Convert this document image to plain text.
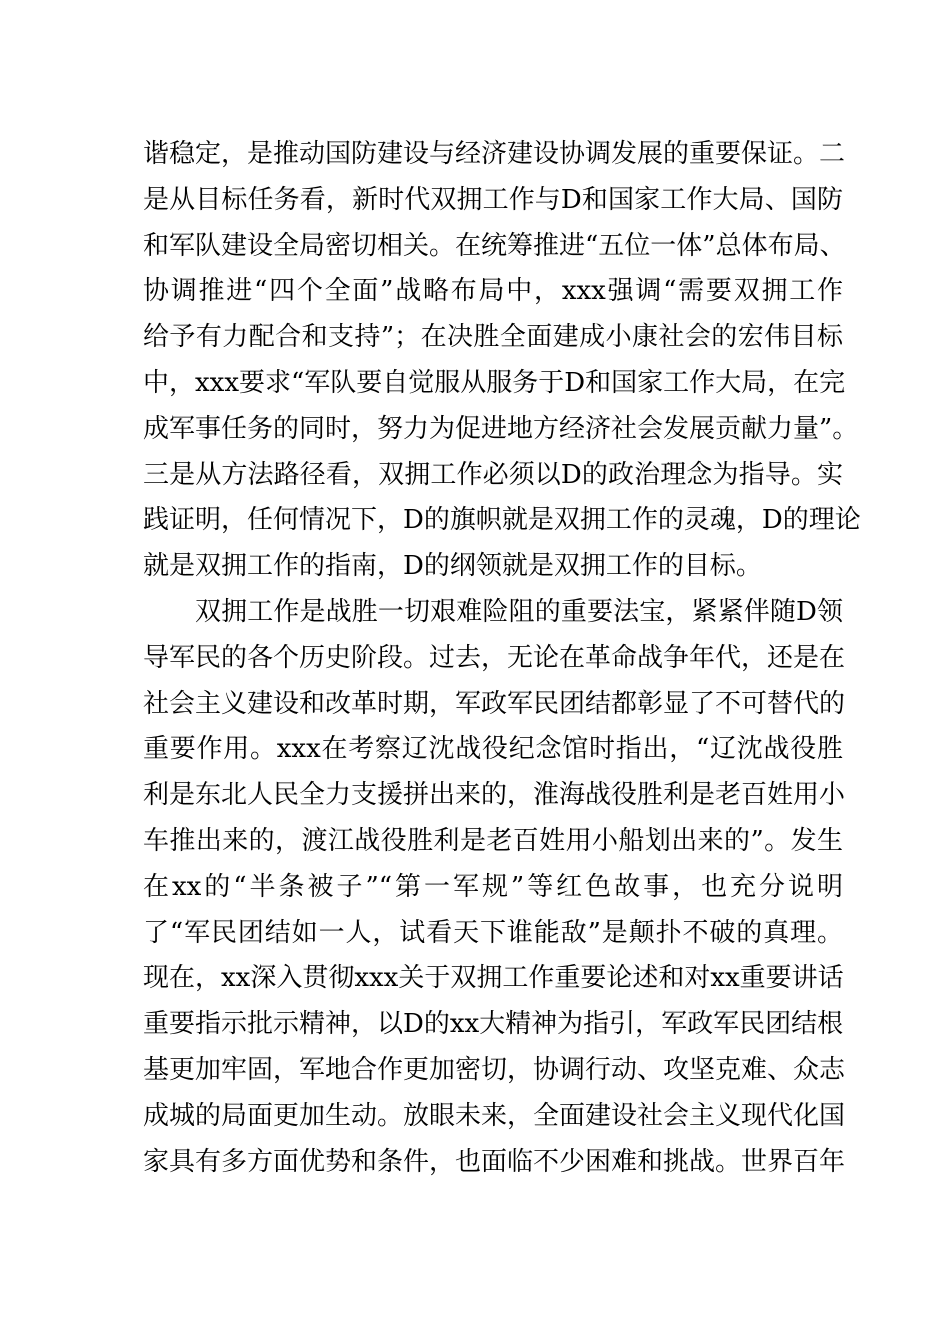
谐稳定，是推动国防建设与经济建设协调发展的重要保证。二
是从目标任务看，新时代双拥工作与D和国家工作大局、国防
和军队建设全局密切相关。在统筹推进“五位一体”总体布局、
协调推进“四个全面”战略布局中，xxx强调“需要双拥工作
给予有力配合和支持”；在决胜全面建成小康社会的宏伟目标
中，xxx要求“军队要自觉服从服务于D和国家工作大局，在完
成军事任务的同时，努力为促进地方经济社会发展贡献力量”。
三是从方法路径看，双拥工作必须以D的政治理念为指导。实
践证明，任何情况下，D的旗帜就是双拥工作的灵魂，D的理论
就是双拥工作的指南，D的纲领就是双拥工作的目标。
双拥工作是战胜一切艰难险阻的重要法宝，紧紧伴随D领
导军民的各个历史阶段。过去，无论在革命战争年代，还是在
社会主义建设和改革时期，军政军民团结都彰显了不可替代的
重要作用。xxx在考察辽沈战役纪念馆时指出，“辽沈战役胜
利是东北人民全力支援拼出来的，淮海战役胜利是老百姓用小
车推出来的，渡江战役胜利是老百姓用小船划出来的”。发生
在xx的“半条被子”“第一军规”等红色故事，也充分说明
了“军民团结如一人，试看天下谁能敌”是颠扑不破的真理。
现在，xx深入贯彻xxx关于双拥工作重要论述和对xx重要讲话
重要指示批示精神，以D的xx大精神为指引，军政军民团结根
基更加牢固，军地合作更加密切，协调行动、攻坚克难、众志
成城的局面更加生动。放眼未来，全面建设社会主义现代化国
家具有多方面优势和条件，也面临不少困难和挑战。世界百年
